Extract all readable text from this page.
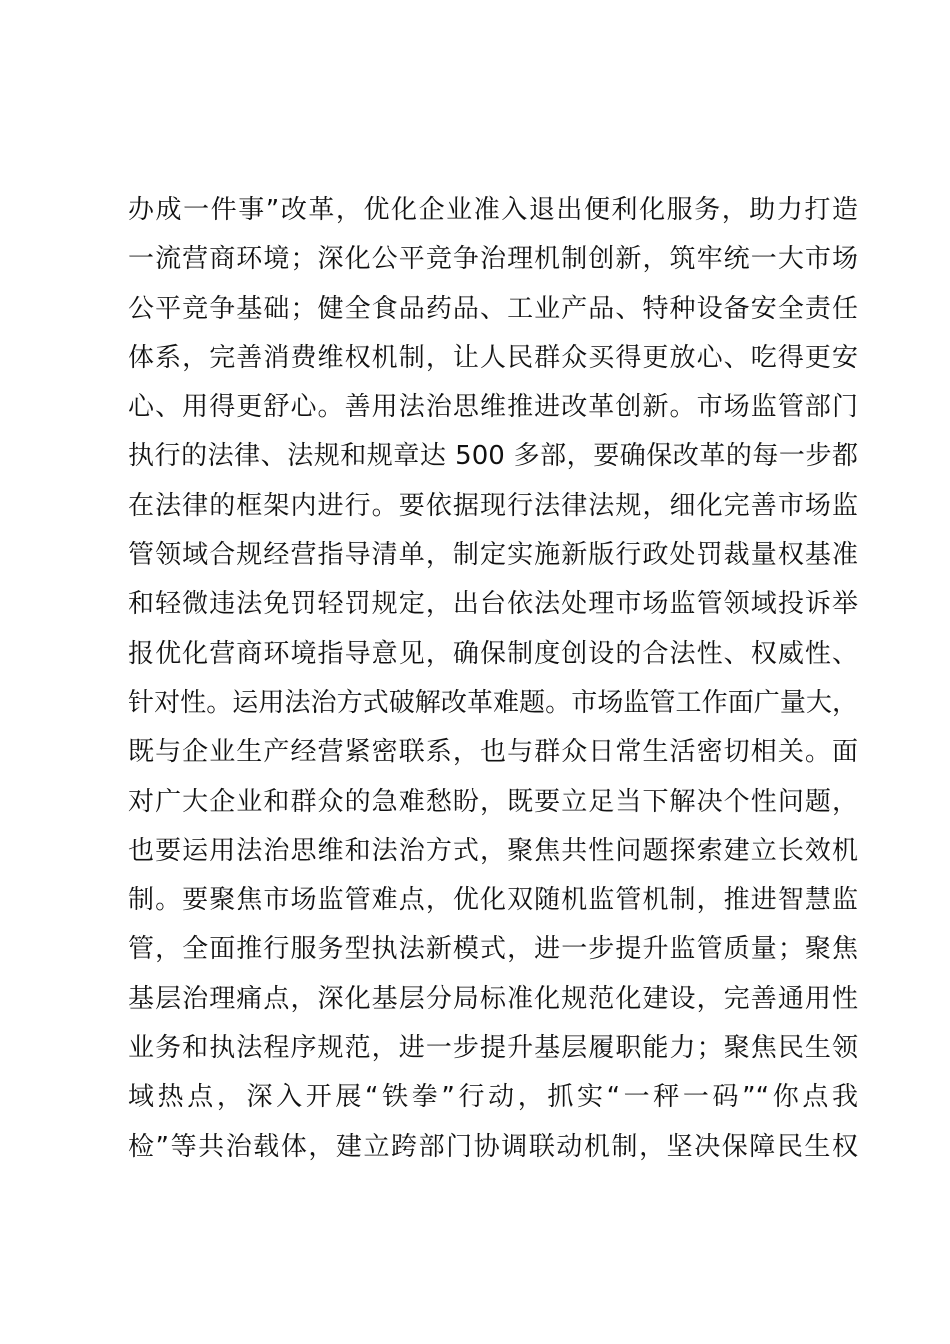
办成一件事”改革，优化企业准入退出便利化服务，助力打造
一流营商环境；深化公平竞争治理机制创新，筑牢统一大市场
公平竞争基础；健全食品药品、工业产品、特种设备安全责任
体系，完善消费维权机制，让人民群众买得更放心、吃得更安
心、用得更舒心。善用法治思维推进改革创新。市场监管部门
执行的法律、法规和规章达 500 多部，要确保改革的每一步都
在法律的框架内进行。要依据现行法律法规，细化完善市场监
管领域合规经营指导清单，制定实施新版行政处罚裁量权基准
和轻微违法免罚轻罚规定，出台依法处理市场监管领域投诉举
报优化营商环境指导意见，确保制度创设的合法性、权威性、
针对性。运用法治方式破解改革难题。市场监管工作面广量大，
既与企业生产经营紧密联系，也与群众日常生活密切相关。面
对广大企业和群众的急难愁盼，既要立足当下解决个性问题，
也要运用法治思维和法治方式，聚焦共性问题探索建立长效机
制。要聚焦市场监管难点，优化双随机监管机制，推进智慧监
管，全面推行服务型执法新模式，进一步提升监管质量；聚焦
基层治理痛点，深化基层分局标准化规范化建设，完善通用性
业务和执法程序规范，进一步提升基层履职能力；聚焦民生领
域热点，深入开展“铁拳”行动，抓实“一秤一码”“你点我
检”等共治载体，建立跨部门协调联动机制，坚决保障民生权
